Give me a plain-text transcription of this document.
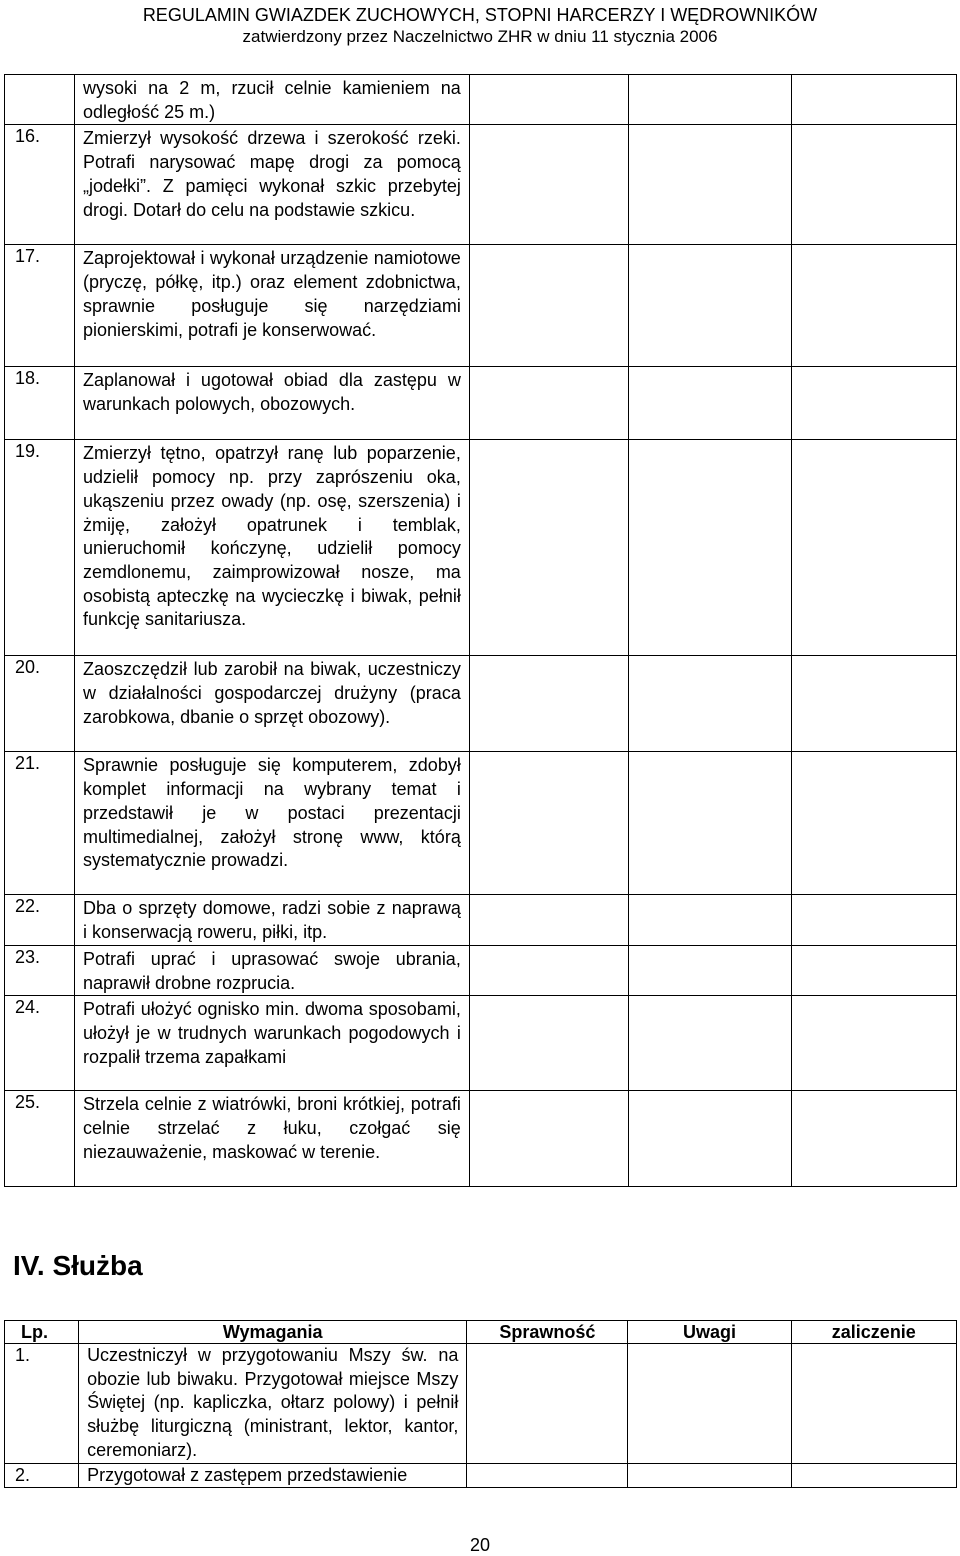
REGULAMIN GWIAZDEK ZUCHOWYCH, STOPNI HARCERZY I WĘDROWNIKÓW
zatwierdzony przez Naczelnictwo ZHR w dniu 11 stycznia 2006
	wysoki na 2 m, rzucił celnie kamieniem na odległość 25 m.)			
16.	Zmierzył wysokość drzewa i szerokość rzeki. Potrafi narysować mapę drogi za pomocą „jodełki”. Z pamięci wykonał szkic przebytej drogi. Dotarł do celu na podstawie szkicu.			
17.	Zaprojektował i wykonał urządzenie namiotowe (pryczę, półkę, itp.) oraz element zdobnictwa, sprawnie posługuje się narzędziami pionierskimi, potrafi je konserwować.			
18.	Zaplanował i ugotował obiad dla zastępu w warunkach polowych, obozowych.			
19.	Zmierzył tętno, opatrzył ranę lub poparzenie, udzielił pomocy np. przy zaprószeniu oka, ukąszeniu przez owady (np. osę, szerszenia) i żmiję, założył opatrunek i temblak, unieruchomił kończynę, udzielił pomocy zemdlonemu, zaimprowizował nosze, ma osobistą apteczkę na wycieczkę i biwak, pełnił funkcję sanitariusza.			
20.	Zaoszczędził lub zarobił na biwak, uczestniczy w działalności gospodarczej drużyny (praca zarobkowa, dbanie o sprzęt obozowy).			
21.	Sprawnie posługuje się komputerem, zdobył komplet informacji na wybrany temat i przedstawił je w postaci prezentacji multimedialnej, założył stronę www, którą systematycznie prowadzi.			
22.	Dba o sprzęty domowe, radzi sobie z naprawą i konserwacją roweru, piłki, itp.			
23.	Potrafi uprać i uprasować swoje ubrania, naprawił drobne rozprucia.			
24.	Potrafi ułożyć ognisko min. dwoma sposobami, ułożył je w trudnych warunkach pogodowych i rozpalił trzema zapałkami			
25.	Strzela celnie z wiatrówki, broni krótkiej, potrafi celnie strzelać z łuku, czołgać się niezauważenie, maskować w terenie.			
IV. Służba
Lp.	Wymagania	Sprawność	Uwagi	zaliczenie
1.	Uczestniczył w przygotowaniu Mszy św. na obozie lub biwaku. Przygotował miejsce Mszy Świętej (np. kapliczka, ołtarz polowy) i pełnił służbę liturgiczną (ministrant, lektor, kantor, ceremoniarz).			
2.	Przygotował z zastępem przedstawienie			
20
